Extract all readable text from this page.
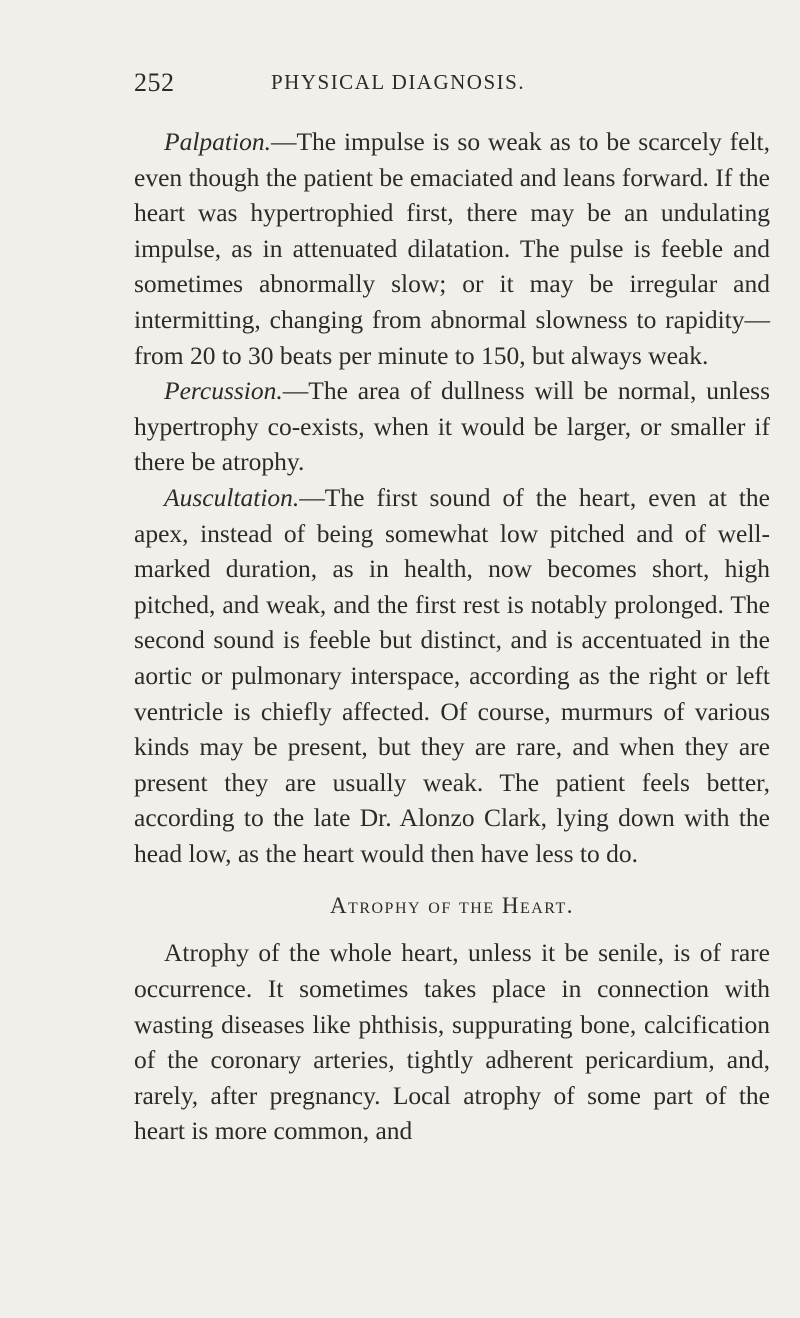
252	PHYSICAL DIAGNOSIS.

Palpation.—The impulse is so weak as to be scarcely felt, even though the patient be emaciated and leans forward. If the heart was hypertrophied first, there may be an undulating impulse, as in attenuated dilatation. The pulse is feeble and sometimes abnormally slow; or it may be irregular and intermitting, changing from abnormal slowness to rapidity—from 20 to 30 beats per minute to 150, but always weak.

Percussion.—The area of dullness will be normal, unless hypertrophy co-exists, when it would be larger, or smaller if there be atrophy.

Auscultation.—The first sound of the heart, even at the apex, instead of being somewhat low pitched and of well-marked duration, as in health, now becomes short, high pitched, and weak, and the first rest is notably prolonged. The second sound is feeble but distinct, and is accentuated in the aortic or pulmonary interspace, according as the right or left ventricle is chiefly affected. Of course, murmurs of various kinds may be present, but they are rare, and when they are present they are usually weak. The patient feels better, according to the late Dr. Alonzo Clark, lying down with the head low, as the heart would then have less to do.

Atrophy of the Heart.

Atrophy of the whole heart, unless it be senile, is of rare occurrence. It sometimes takes place in connection with wasting diseases like phthisis, suppurating bone, calcification of the coronary arteries, tightly adherent pericardium, and, rarely, after pregnancy. Local atrophy of some part of the heart is more common, and
